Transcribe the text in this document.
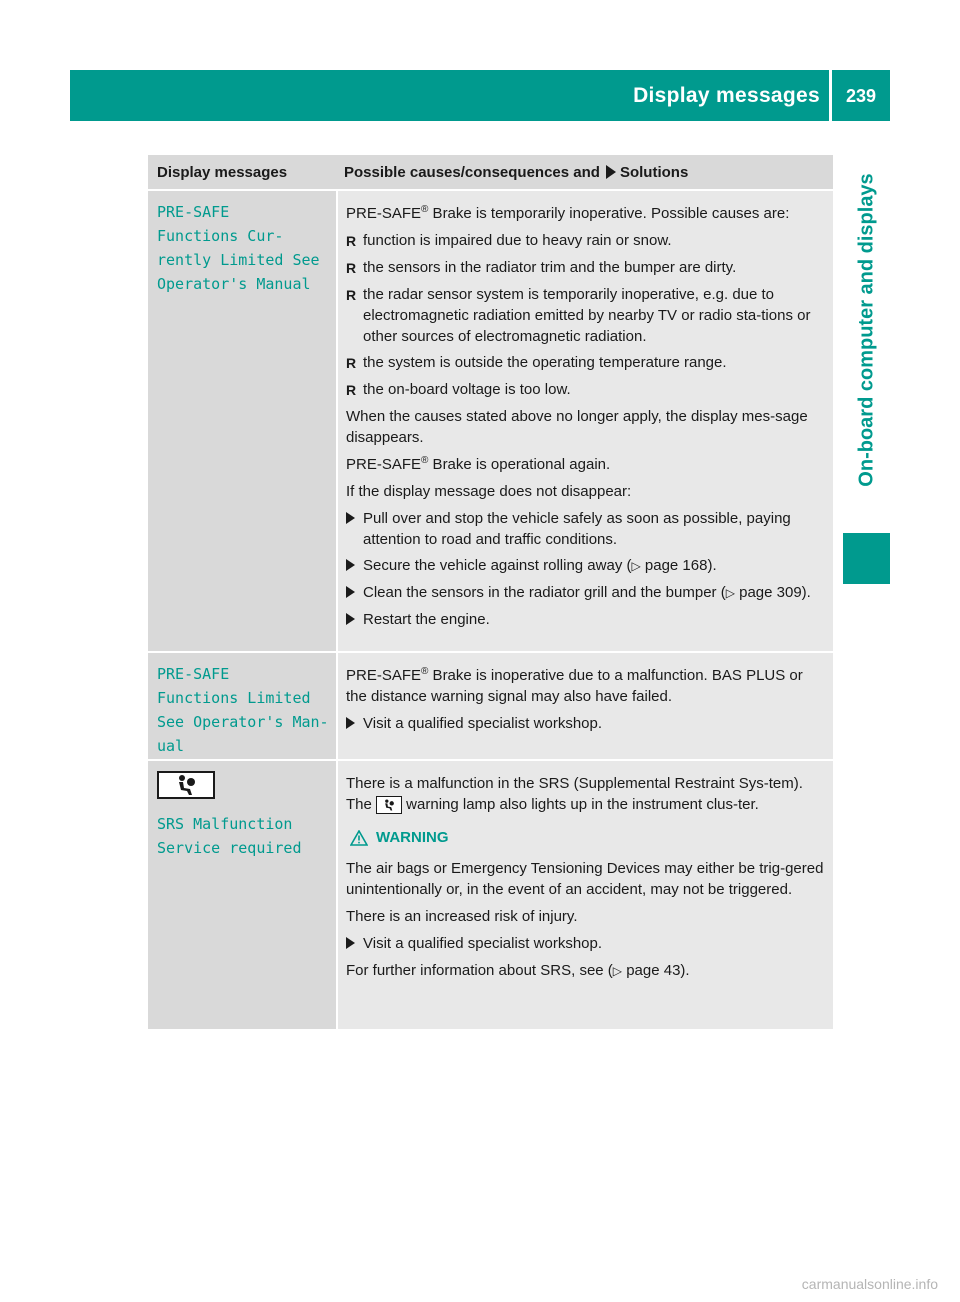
Display messages	239
On-board computer and displays
Display messages	Possible causes/consequences and Solutions
PRE-SAFE
Functions Cur‐
rently Limited See
Operator's Manual

PRE-SAFE® Brake is temporarily inoperative. Possible causes are:

R function is impaired due to heavy rain or snow.
R the sensors in the radiator trim and the bumper are dirty.
R the radar sensor system is temporarily inoperative, e.g. due to electromagnetic radiation emitted by nearby TV or radio sta-tions or other sources of electromagnetic radiation.
R the system is outside the operating temperature range.
R the on-board voltage is too low.

When the causes stated above no longer apply, the display mes-sage disappears.

PRE-SAFE® Brake is operational again.

If the display message does not disappear:

Pull over and stop the vehicle safely as soon as possible, paying attention to road and traffic conditions.
Secure the vehicle against rolling away (▷ page 168).
Clean the sensors in the radiator grill and the bumper (▷ page 309).
Restart the engine.
PRE-SAFE
Functions Limited
See Operator's Man‐
ual

PRE-SAFE® Brake is inoperative due to a malfunction. BAS PLUS or the distance warning signal may also have failed.

Visit a qualified specialist workshop.
SRS Malfunction
Service required

There is a malfunction in the SRS (Supplemental Restraint Sys-tem). The
warning lamp also lights up in the instrument clus-ter.

WARNING

The air bags or Emergency Tensioning Devices may either be trig-gered unintentionally or, in the event of an accident, may not be triggered.

There is an increased risk of injury.

Visit a qualified specialist workshop.

For further information about SRS, see (▷ page 43).

carmanualsonline.info
